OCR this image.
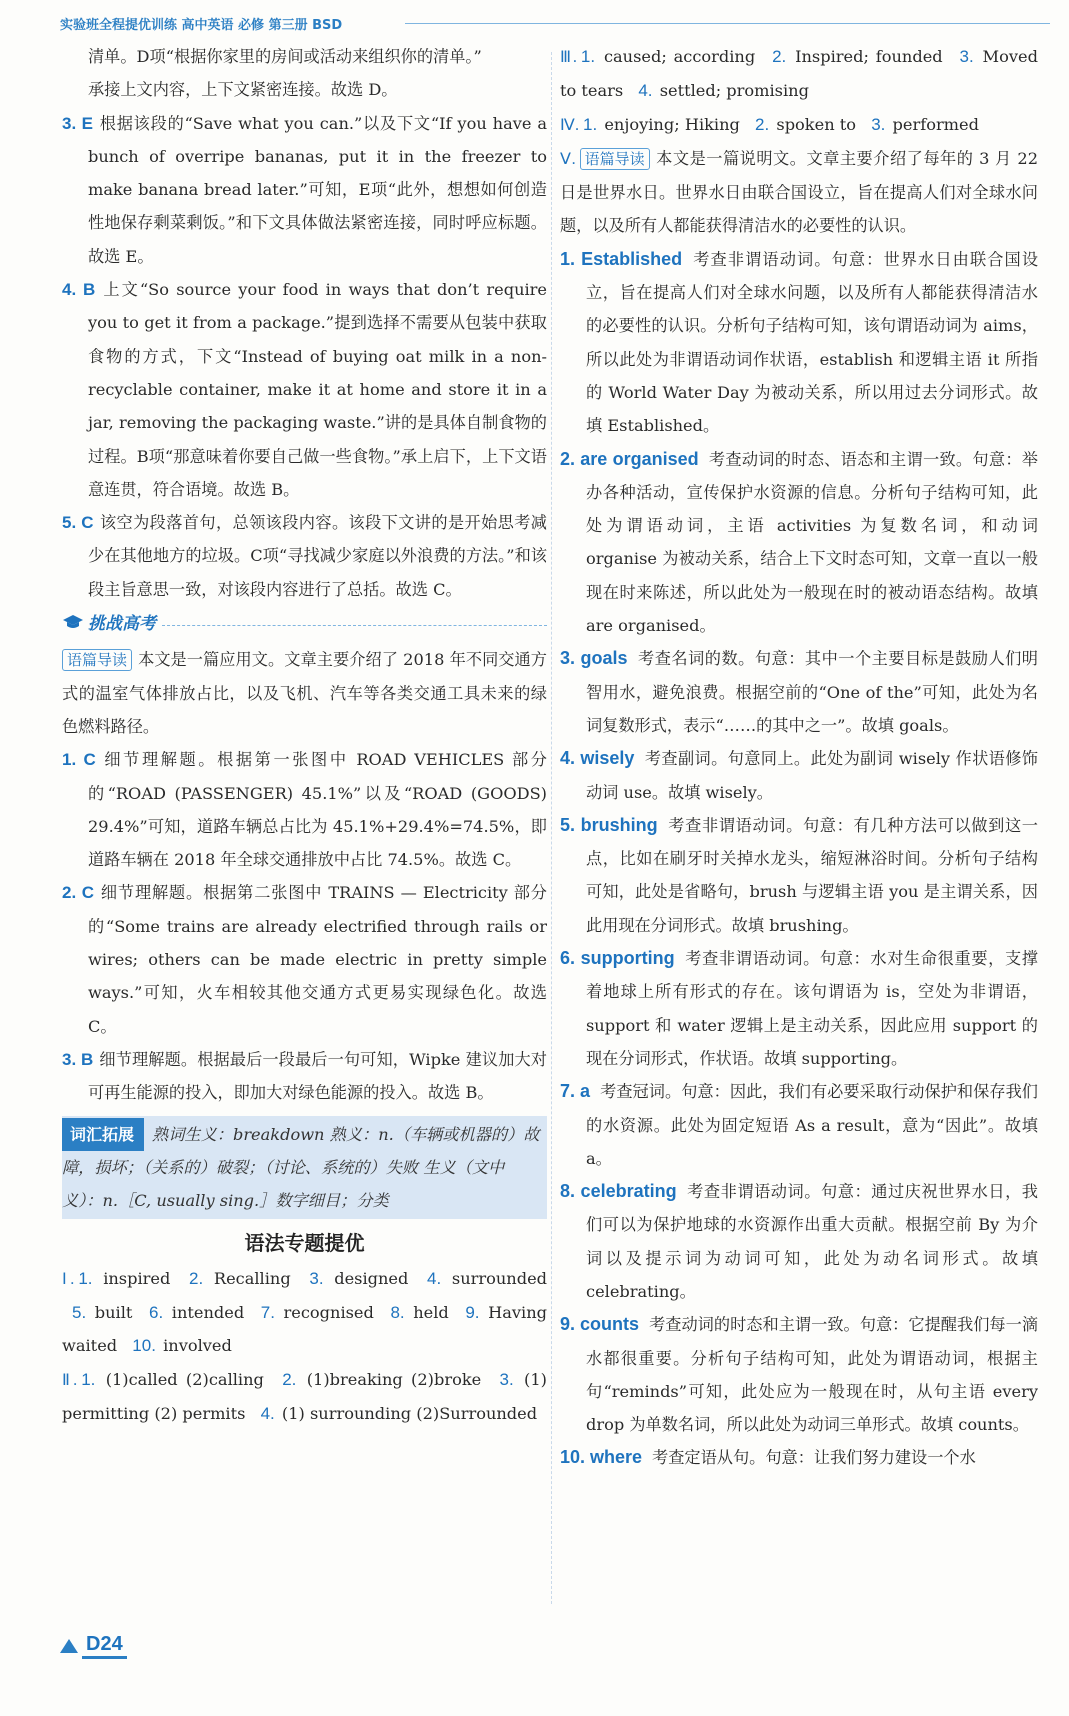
实验班全程提优训练 高中英语 必修 第三册 BSD

清单。D项“根据你家里的房间或活动来组织你的清单。”

承接上文内容，上下文紧密连接。故选 D。

3. E 根据该段的“Save what you can.”以及下文“If you have a bunch of overripe bananas, put it in the freezer to make banana bread later.”可知，E项“此外，想想如何创造性地保存剩菜剩饭。”和下文具体做法紧密连接，同时呼应标题。故选 E。

4. B 上文“So source your food in ways that don’t require you to get it from a package.”提到选择不需要从包装中获取食物的方式，下文“Instead of buying oat milk in a non-recyclable container, make it at home and store it in a jar, removing the packaging waste.”讲的是具体自制食物的过程。B项“那意味着你要自己做一些食物。”承上启下，上下文语意连贯，符合语境。故选 B。

5. C 该空为段落首句，总领该段内容。该段下文讲的是开始思考减少在其他地方的垃圾。C项“寻找减少家庭以外浪费的方法。”和该段主旨意思一致，对该段内容进行了总括。故选 C。

挑战高考

语篇导读 本文是一篇应用文。文章主要介绍了 2018 年不同交通方式的温室气体排放占比，以及飞机、汽车等各类交通工具未来的绿色燃料路径。

1. C 细节理解题。根据第一张图中 ROAD VEHICLES 部分的“ROAD (PASSENGER) 45.1%”以及“ROAD (GOODS) 29.4%”可知，道路车辆总占比为 45.1%+29.4%=74.5%，即道路车辆在 2018 年全球交通排放中占比 74.5%。故选 C。

2. C 细节理解题。根据第二张图中 TRAINS — Electricity 部分的“Some trains are already electrified through rails or wires; others can be made electric in pretty simple ways.”可知，火车相较其他交通方式更易实现绿色化。故选 C。

3. B 细节理解题。根据最后一段最后一句可知，Wipke 建议加大对可再生能源的投入，即加大对绿色能源的投入。故选 B。

词汇拓展 熟词生义：breakdown 熟义：n.（车辆或机器的）故障，损坏；（关系的）破裂；（讨论、系统的）失败 生义（文中义）：n.［C, usually sing.］数字细目；分类
语法专题提优

Ⅰ. 1. inspired 2. Recalling 3. designed 4. surrounded 5. built 6. intended 7. recognised 8. held 9. Having waited 10. involved

Ⅱ. 1. (1)called (2)calling 2. (1)breaking (2)broke 3. (1) permitting (2) permits 4. (1) surrounding (2)Surrounded

Ⅲ. 1. caused; according 2. Inspired; founded 3. Moved to tears 4. settled; promising

Ⅳ. 1. enjoying; Hiking 2. spoken to 3. performed

Ⅴ. 语篇导读 本文是一篇说明文。文章主要介绍了每年的 3 月 22 日是世界水日。世界水日由联合国设立，旨在提高人们对全球水问题，以及所有人都能获得清洁水的必要性的认识。

1. Established 考查非谓语动词。句意：世界水日由联合国设立，旨在提高人们对全球水问题，以及所有人都能获得清洁水的必要性的认识。分析句子结构可知，该句谓语动词为 aims，所以此处为非谓语动词作状语，establish 和逻辑主语 it 所指的 World Water Day 为被动关系，所以用过去分词形式。故填 Established。

2. are organised 考查动词的时态、语态和主谓一致。句意：举办各种活动，宣传保护水资源的信息。分析句子结构可知，此处为谓语动词，主语 activities 为复数名词，和动词 organise 为被动关系，结合上下文时态可知，文章一直以一般现在时来陈述，所以此处为一般现在时的被动语态结构。故填 are organised。

3. goals 考查名词的数。句意：其中一个主要目标是鼓励人们明智用水，避免浪费。根据空前的“One of the”可知，此处为名词复数形式，表示“……的其中之一”。故填 goals。

4. wisely 考查副词。句意同上。此处为副词 wisely 作状语修饰动词 use。故填 wisely。

5. brushing 考查非谓语动词。句意：有几种方法可以做到这一点，比如在刷牙时关掉水龙头，缩短淋浴时间。分析句子结构可知，此处是省略句，brush 与逻辑主语 you 是主谓关系，因此用现在分词形式。故填 brushing。

6. supporting 考查非谓语动词。句意：水对生命很重要，支撑着地球上所有形式的存在。该句谓语为 is，空处为非谓语，support 和 water 逻辑上是主动关系，因此应用 support 的现在分词形式，作状语。故填 supporting。

7. a 考查冠词。句意：因此，我们有必要采取行动保护和保存我们的水资源。此处为固定短语 As a result，意为“因此”。故填 a。

8. celebrating 考查非谓语动词。句意：通过庆祝世界水日，我们可以为保护地球的水资源作出重大贡献。根据空前 By 为介词以及提示词为动词可知，此处为动名词形式。故填 celebrating。

9. counts 考查动词的时态和主谓一致。句意：它提醒我们每一滴水都很重要。分析句子结构可知，此处为谓语动词，根据主句“reminds”可知，此处应为一般现在时，从句主语 every drop 为单数名词，所以此处为动词三单形式。故填 counts。

10. where 考查定语从句。句意：让我们努力建设一个水

D24
